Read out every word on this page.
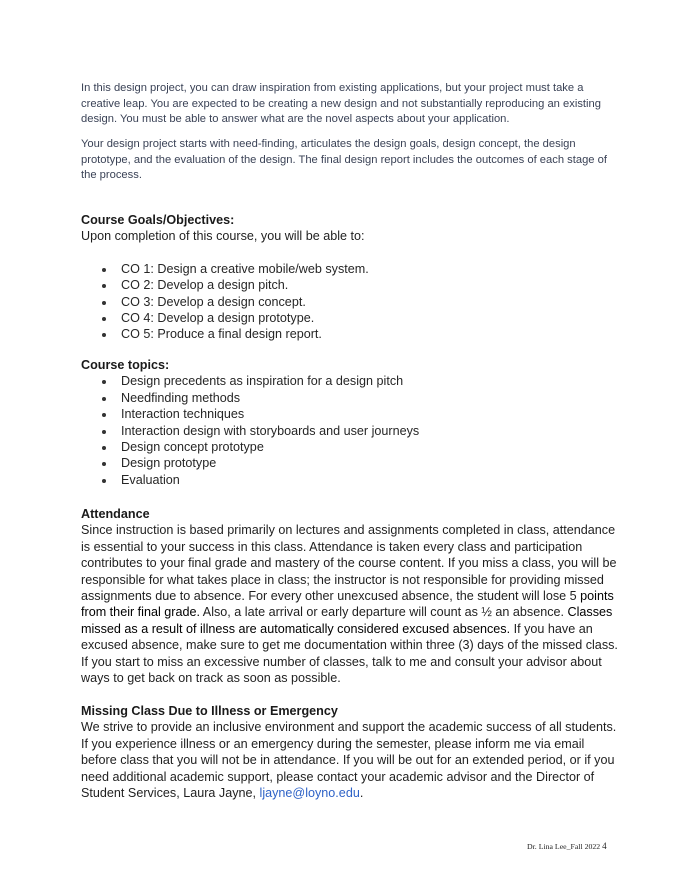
In this design project, you can draw inspiration from existing applications, but your project must take a creative leap. You are expected to be creating a new design and not substantially reproducing an existing design. You must be able to answer what are the novel aspects about your application.

Your design project starts with need-finding, articulates the design goals, design concept, the design prototype, and the evaluation of the design. The final design report includes the outcomes of each stage of the process.

Course Goals/Objectives:

Upon completion of this course, you will be able to:

CO 1: Design a creative mobile/web system.
CO 2: Develop a design pitch.
CO 3: Develop a design concept.
CO 4: Develop a design prototype.
CO 5: Produce a final design report.

Course topics:

Design precedents as inspiration for a design pitch
Needfinding methods
Interaction techniques
Interaction design with storyboards and user journeys
Design concept prototype
Design prototype
Evaluation

Attendance

Since instruction is based primarily on lectures and assignments completed in class, attendance is essential to your success in this class. Attendance is taken every class and participation contributes to your final grade and mastery of the course content. If you miss a class, you will be responsible for what takes place in class; the instructor is not responsible for providing missed assignments due to absence. For every other unexcused absence, the student will lose 5 points from their final grade. Also, a late arrival or early departure will count as ½ an absence. Classes missed as a result of illness are automatically considered excused absences. If you have an excused absence, make sure to get me documentation within three (3) days of the missed class. If you start to miss an excessive number of classes, talk to me and consult your advisor about ways to get back on track as soon as possible.

Missing Class Due to Illness or Emergency

We strive to provide an inclusive environment and support the academic success of all students. If you experience illness or an emergency during the semester, please inform me via email before class that you will not be in attendance. If you will be out for an extended period, or if you need additional academic support, please contact your academic advisor and the Director of Student Services, Laura Jayne, ljayne@loyno.edu.

Dr. Lina Lee_Fall 2022 4
